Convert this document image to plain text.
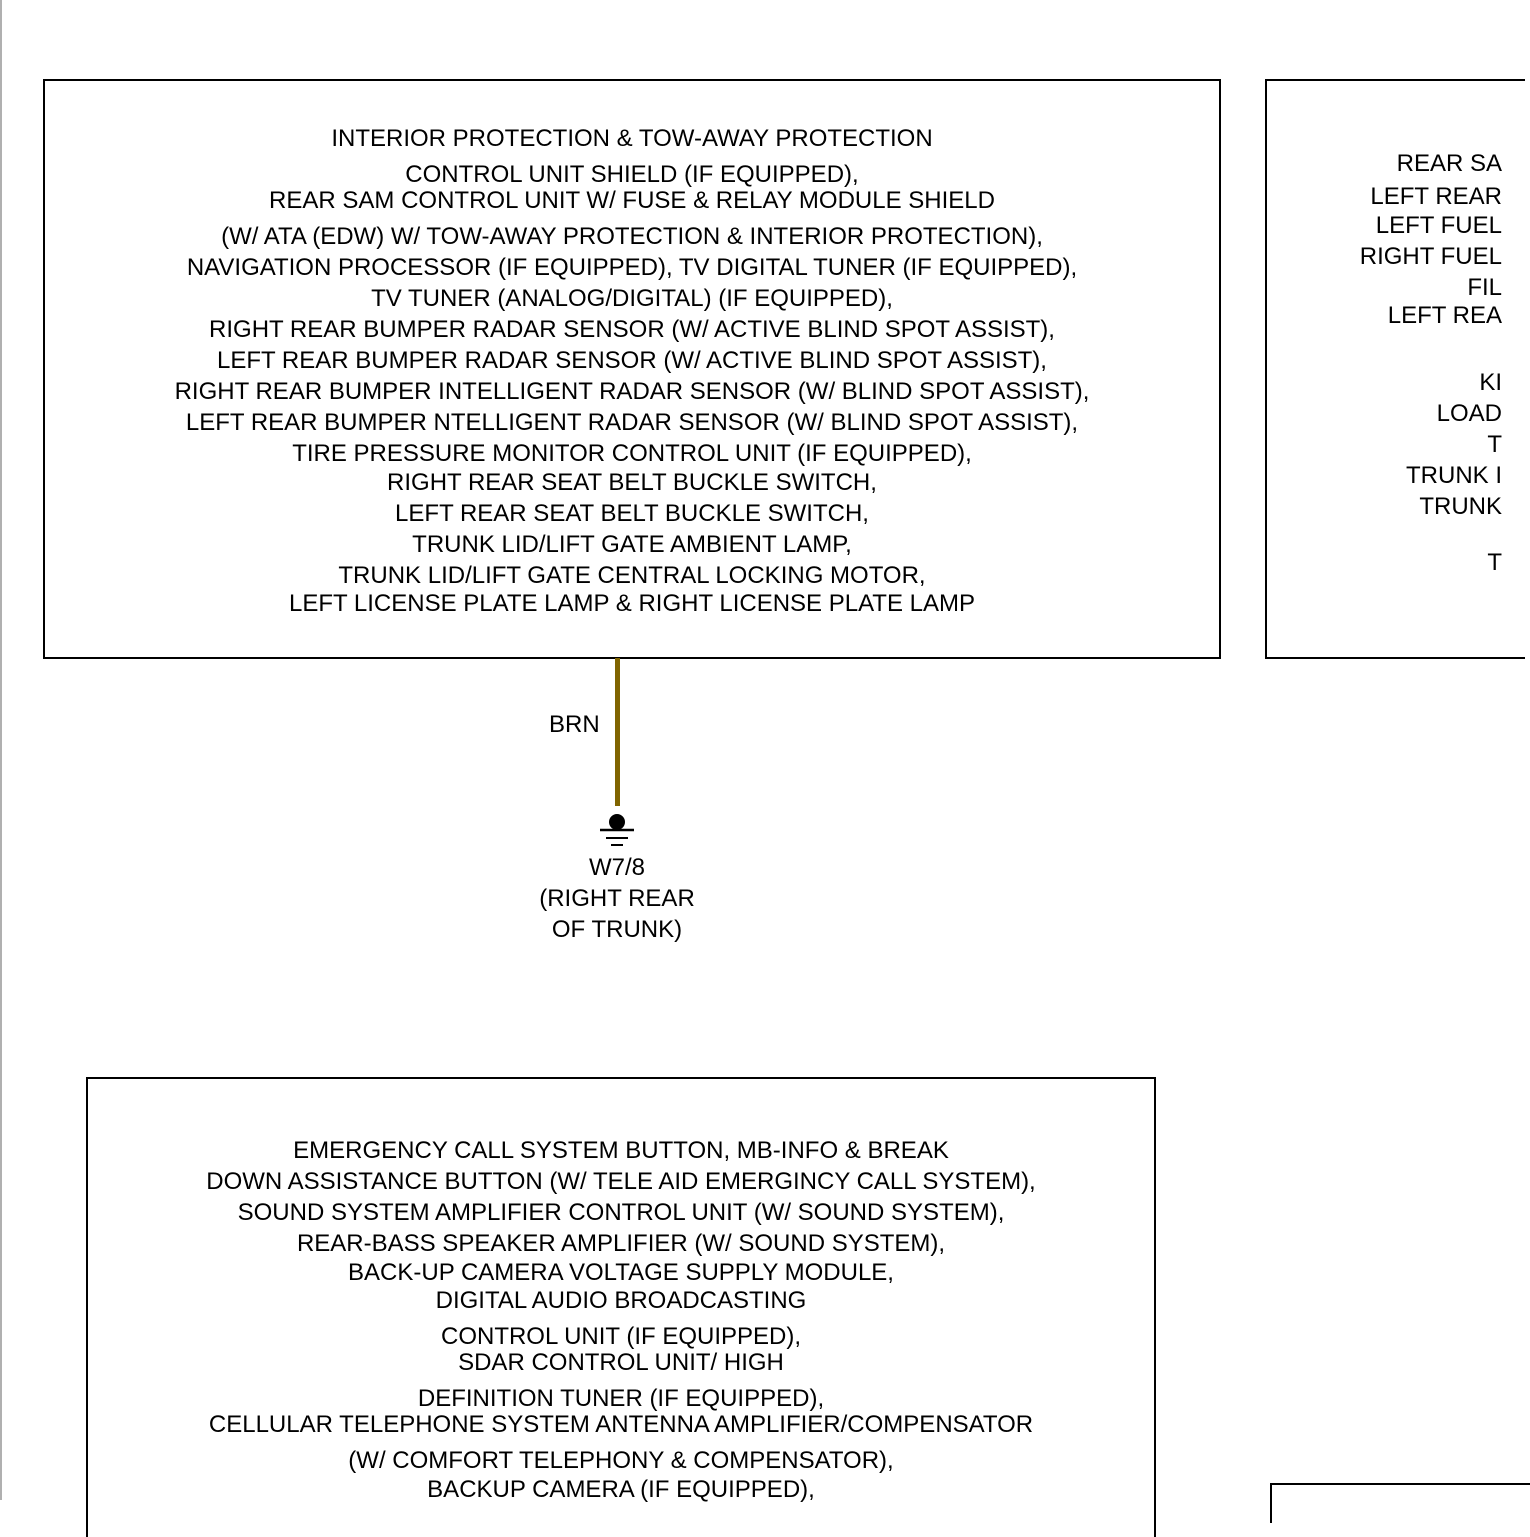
INTERIOR PROTECTION & TOW-AWAY PROTECTION
CONTROL UNIT SHIELD (IF EQUIPPED),
REAR SAM CONTROL UNIT W/ FUSE & RELAY MODULE SHIELD
(W/ ATA (EDW) W/ TOW-AWAY PROTECTION & INTERIOR PROTECTION),
NAVIGATION PROCESSOR (IF EQUIPPED), TV DIGITAL TUNER (IF EQUIPPED),
TV TUNER (ANALOG/DIGITAL) (IF EQUIPPED),
RIGHT REAR BUMPER RADAR SENSOR (W/ ACTIVE BLIND SPOT ASSIST),
LEFT REAR BUMPER RADAR SENSOR (W/ ACTIVE BLIND SPOT ASSIST),
RIGHT REAR BUMPER INTELLIGENT RADAR SENSOR (W/ BLIND SPOT ASSIST),
LEFT REAR BUMPER NTELLIGENT RADAR SENSOR (W/ BLIND SPOT ASSIST),
TIRE PRESSURE MONITOR CONTROL UNIT (IF EQUIPPED),
RIGHT REAR SEAT BELT BUCKLE SWITCH,
LEFT REAR SEAT BELT BUCKLE SWITCH,
TRUNK LID/LIFT GATE AMBIENT LAMP,
TRUNK LID/LIFT GATE CENTRAL LOCKING MOTOR,
LEFT LICENSE PLATE LAMP & RIGHT LICENSE PLATE LAMP
REAR SA
LEFT REAR
LEFT FUEL
RIGHT FUEL
FIL
LEFT REA
KI
LOAD
T
TRUNK I
TRUNK
T
BRN
W7/8
(RIGHT REAR
OF TRUNK)
EMERGENCY CALL SYSTEM BUTTON, MB-INFO & BREAK
DOWN ASSISTANCE BUTTON (W/ TELE AID EMERGINCY CALL SYSTEM),
SOUND SYSTEM AMPLIFIER CONTROL UNIT (W/ SOUND SYSTEM),
REAR-BASS SPEAKER AMPLIFIER (W/ SOUND SYSTEM),
BACK-UP CAMERA VOLTAGE SUPPLY MODULE,
DIGITAL AUDIO BROADCASTING
CONTROL UNIT (IF EQUIPPED),
SDAR CONTROL UNIT/ HIGH
DEFINITION TUNER (IF EQUIPPED),
CELLULAR TELEPHONE SYSTEM ANTENNA AMPLIFIER/COMPENSATOR
(W/ COMFORT TELEPHONY & COMPENSATOR),
BACKUP CAMERA (IF EQUIPPED),
